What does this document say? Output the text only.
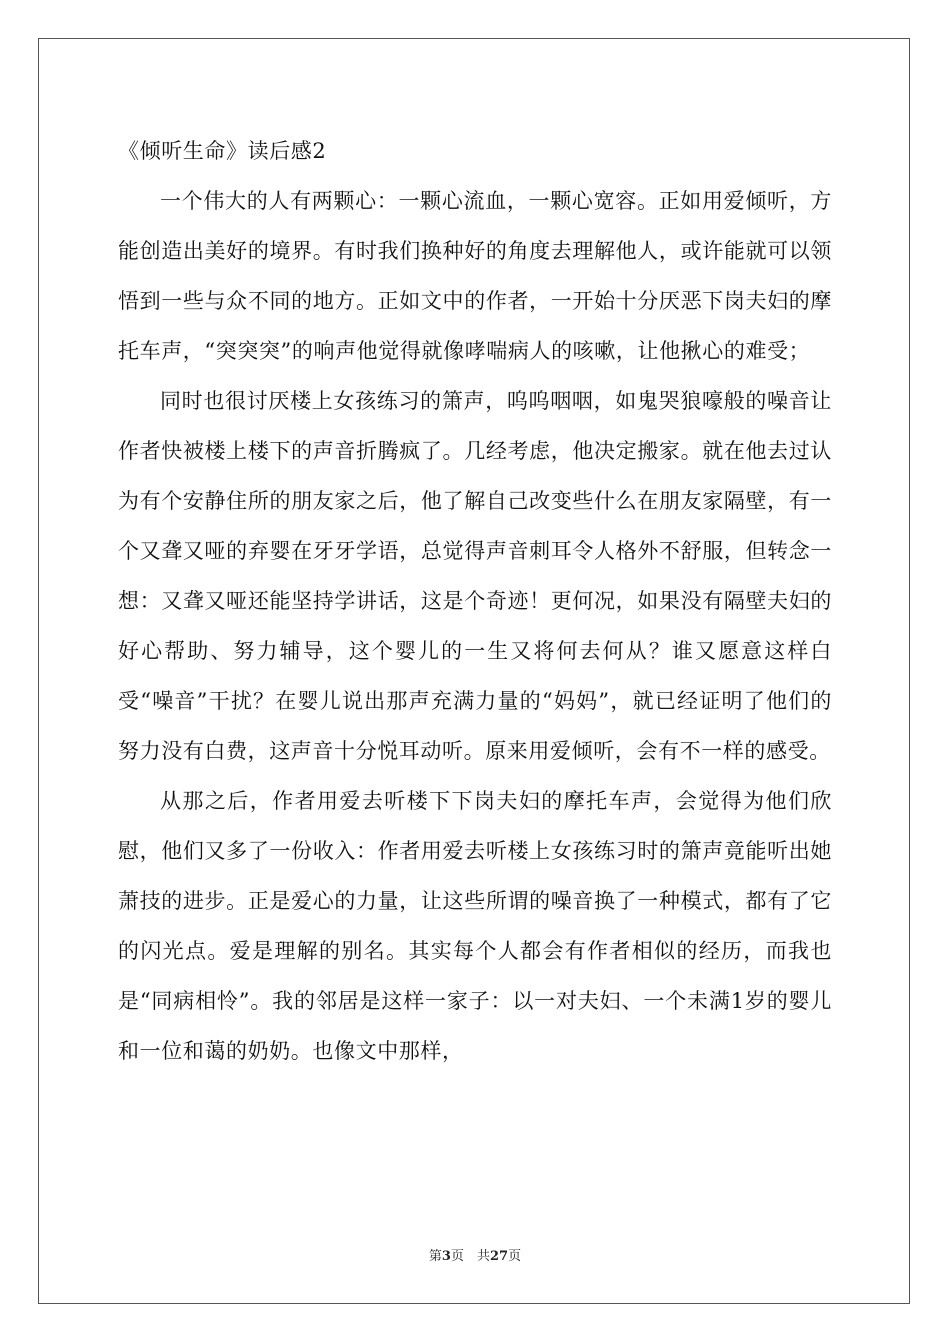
《倾听生命》读后感2

一个伟大的人有两颗心：一颗心流血，一颗心宽容。正如用爱倾听，方能创造出美好的境界。有时我们换种好的角度去理解他人，或许能就可以领悟到一些与众不同的地方。正如文中的作者，一开始十分厌恶下岗夫妇的摩托车声，“突突突”的响声他觉得就像哮喘病人的咳嗽，让他揪心的难受；

同时也很讨厌楼上女孩练习的箫声，呜呜咽咽，如鬼哭狼嚎般的噪音让作者快被楼上楼下的声音折腾疯了。几经考虑，他决定搬家。就在他去过认为有个安静住所的朋友家之后，他了解自己改变些什么在朋友家隔壁，有一个又聋又哑的弃婴在牙牙学语，总觉得声音刺耳令人格外不舒服，但转念一想：又聋又哑还能坚持学讲话，这是个奇迹！更何况，如果没有隔壁夫妇的好心帮助、努力辅导，这个婴儿的一生又将何去何从？谁又愿意这样白受“噪音”干扰？在婴儿说出那声充满力量的“妈妈”，就已经证明了他们的努力没有白费，这声音十分悦耳动听。原来用爱倾听，会有不一样的感受。

从那之后，作者用爱去听楼下下岗夫妇的摩托车声，会觉得为他们欣慰，他们又多了一份收入：作者用爱去听楼上女孩练习时的箫声竟能听出她萧技的进步。正是爱心的力量，让这些所谓的噪音换了一种模式，都有了它的闪光点。爱是理解的别名。其实每个人都会有作者相似的经历，而我也是“同病相怜”。我的邻居是这样一家子：以一对夫妇、一个未满1岁的婴儿和一位和蔼的奶奶。也像文中那样，

第3页　共27页
